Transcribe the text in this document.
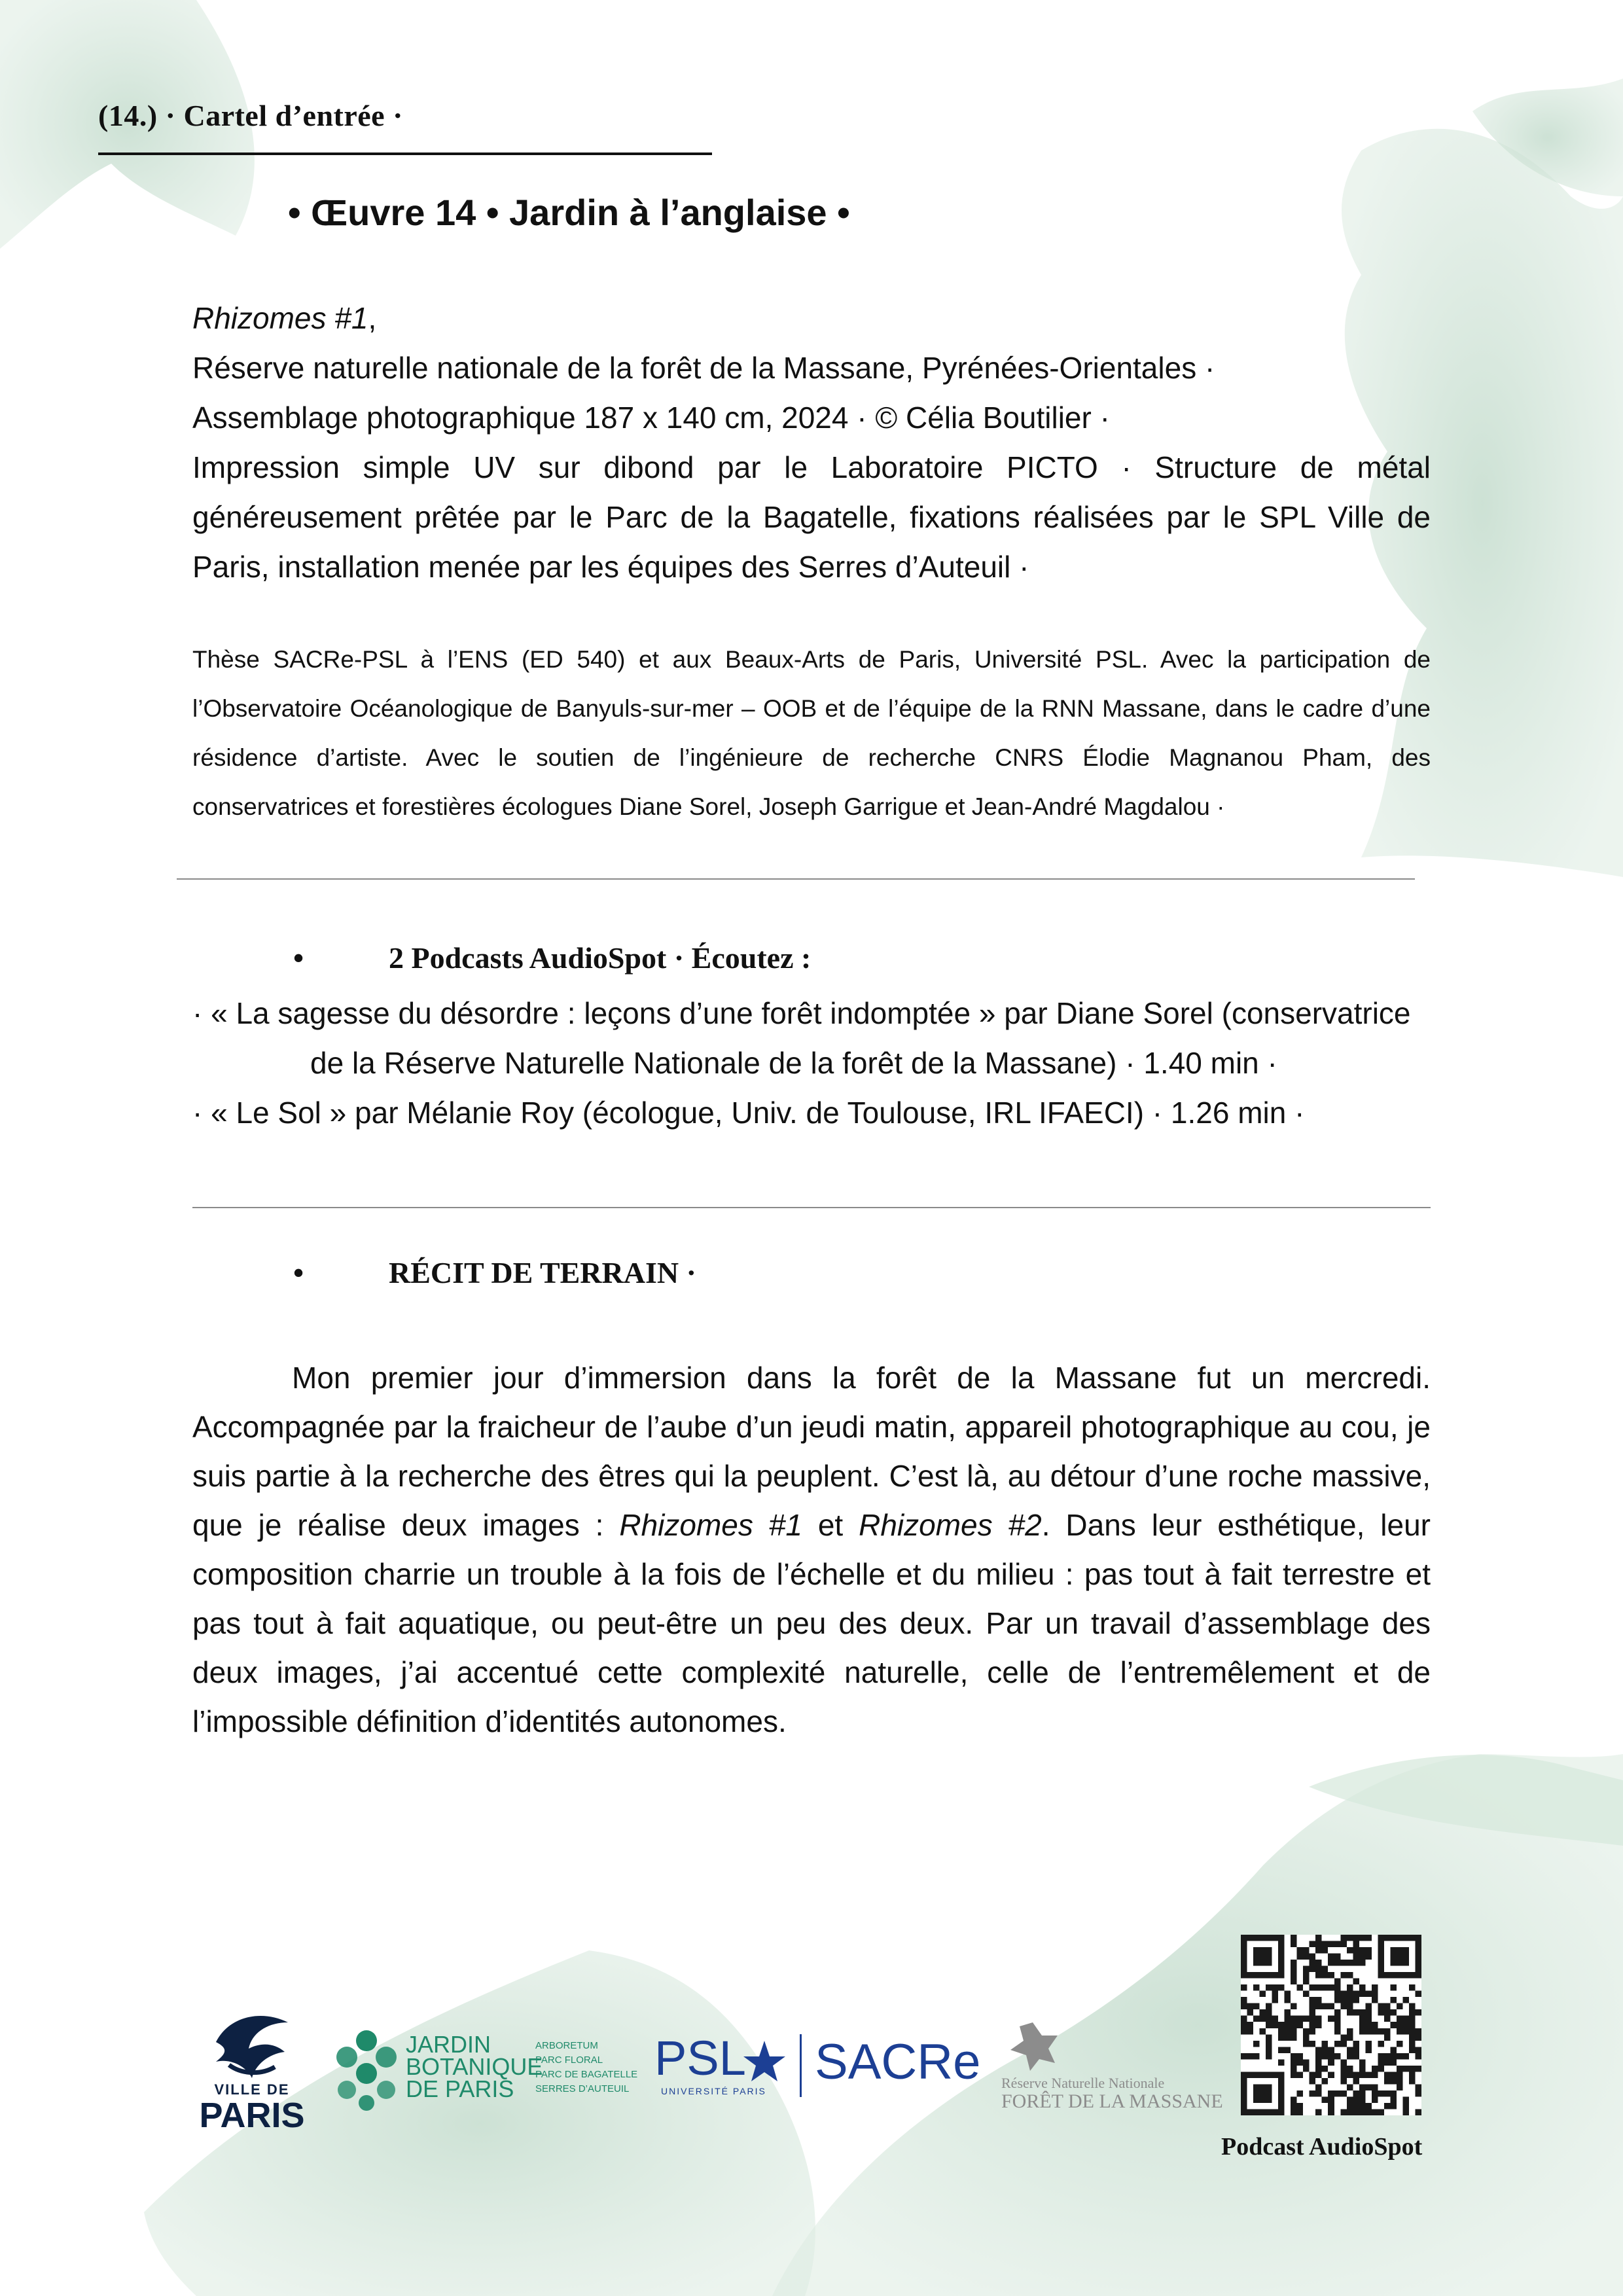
(14.) · Cartel d’entrée ·
• Œuvre 14 • Jardin à l’anglaise •

Rhizomes #1,

Réserve naturelle nationale de la forêt de la Massane, Pyrénées-Orientales ·

Assemblage photographique 187 x 140 cm, 2024 · © Célia Boutilier ·

Impression simple UV sur dibond par le Laboratoire PICTO · Structure de métal généreusement prêtée par le Parc de la Bagatelle, fixations réalisées par le SPL Ville de Paris, installation menée par les équipes des Serres d’Auteuil ·

Thèse SACRe-PSL à l’ENS (ED 540) et aux Beaux-Arts de Paris, Université PSL. Avec la participation de l’Observatoire Océanologique de Banyuls-sur-mer – OOB et de l’équipe de la RNN Massane, dans le cadre d’une résidence d’artiste. Avec le soutien de l’ingénieure de recherche CNRS Élodie Magnanou Pham, des conservatrices et forestières écologues Diane Sorel, Joseph Garrigue et Jean-André Magdalou ·

•	2 Podcasts AudioSpot · Écoutez :
· « La sagesse du désordre : leçons d’une forêt indomptée » par Diane Sorel (conservatrice
de la Réserve Naturelle Nationale de la forêt de la Massane) · 1.40 min ·
· « Le Sol » par Mélanie Roy (écologue, Univ. de Toulouse, IRL IFAECI) · 1.26 min ·
•	RÉCIT DE TERRAIN ·

Mon premier jour d’immersion dans la forêt de la Massane fut un mercredi. Accompagnée par la fraicheur de l’aube d’un jeudi matin, appareil photographique au cou, je suis partie à la recherche des êtres qui la peuplent. C’est là, au détour d’une roche massive, que je réalise deux images : Rhizomes #1 et Rhizomes #2. Dans leur esthétique, leur composition charrie un trouble à la fois de l’échelle et du milieu : pas tout à fait terrestre et pas tout à fait aquatique, ou peut-être un peu des deux. Par un travail d’assemblage des deux images, j’ai accentué cette complexité naturelle, celle de l’entremêlement et de l’impossible définition d’identités autonomes.

VILLE DE
PARIS
JARDIN
BOTANIQUE
DE PARIS
ARBORETUM
PARC FLORAL
PARC DE BAGATELLE
SERRES D’AUTEUIL
PSL
UNIVERSITÉ PARIS
SACRe Réserve Naturelle Nationale
FORÊT DE LA MASSANE
Podcast AudioSpot
